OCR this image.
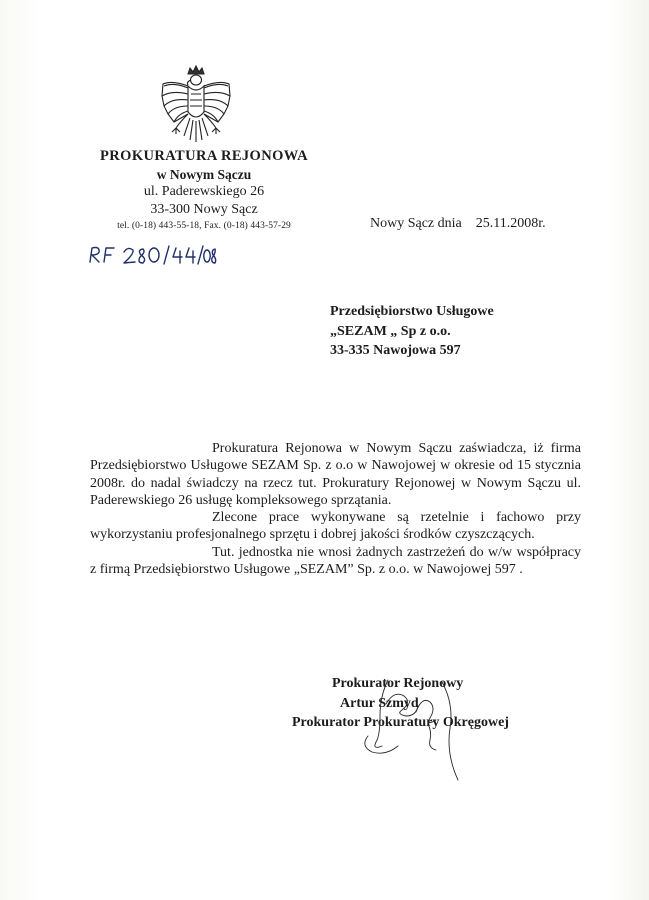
PROKURATURA REJONOWA
w Nowym Sączu
ul. Paderewskiego 26
33-300 Nowy Sącz
tel. (0-18) 443-55-18, Fax. (0-18) 443-57-29	Nowy Sącz dnia 25.11.2008r.
Przedsiębiorstwo Usługowe
„SEZAM „ Sp z o.o.
33-335 Nawojowa 597

Prokuratura Rejonowa w Nowym Sączu zaświadcza, iż firma Przedsiębiorstwo Usługowe SEZAM Sp. z o.o w Nawojowej w okresie od 15 stycznia 2008r. do nadal świadczy na rzecz tut. Prokuratury Rejonowej w Nowym Sączu ul. Paderewskiego 26 usługę kompleksowego sprzątania.

Zlecone prace wykonywane są rzetelnie i fachowo przy wykorzystaniu profesjonalnego sprzętu i dobrej jakości środków czyszczących.

Tut. jednostka nie wnosi żadnych zastrzeżeń do w/w współpracy z firmą Przedsiębiorstwo Usługowe „SEZAM” Sp. z o.o. w Nawojowej 597 .

Prokurator Rejonowy
Artur Szmyd
Prokurator Prokuratury Okręgowej
